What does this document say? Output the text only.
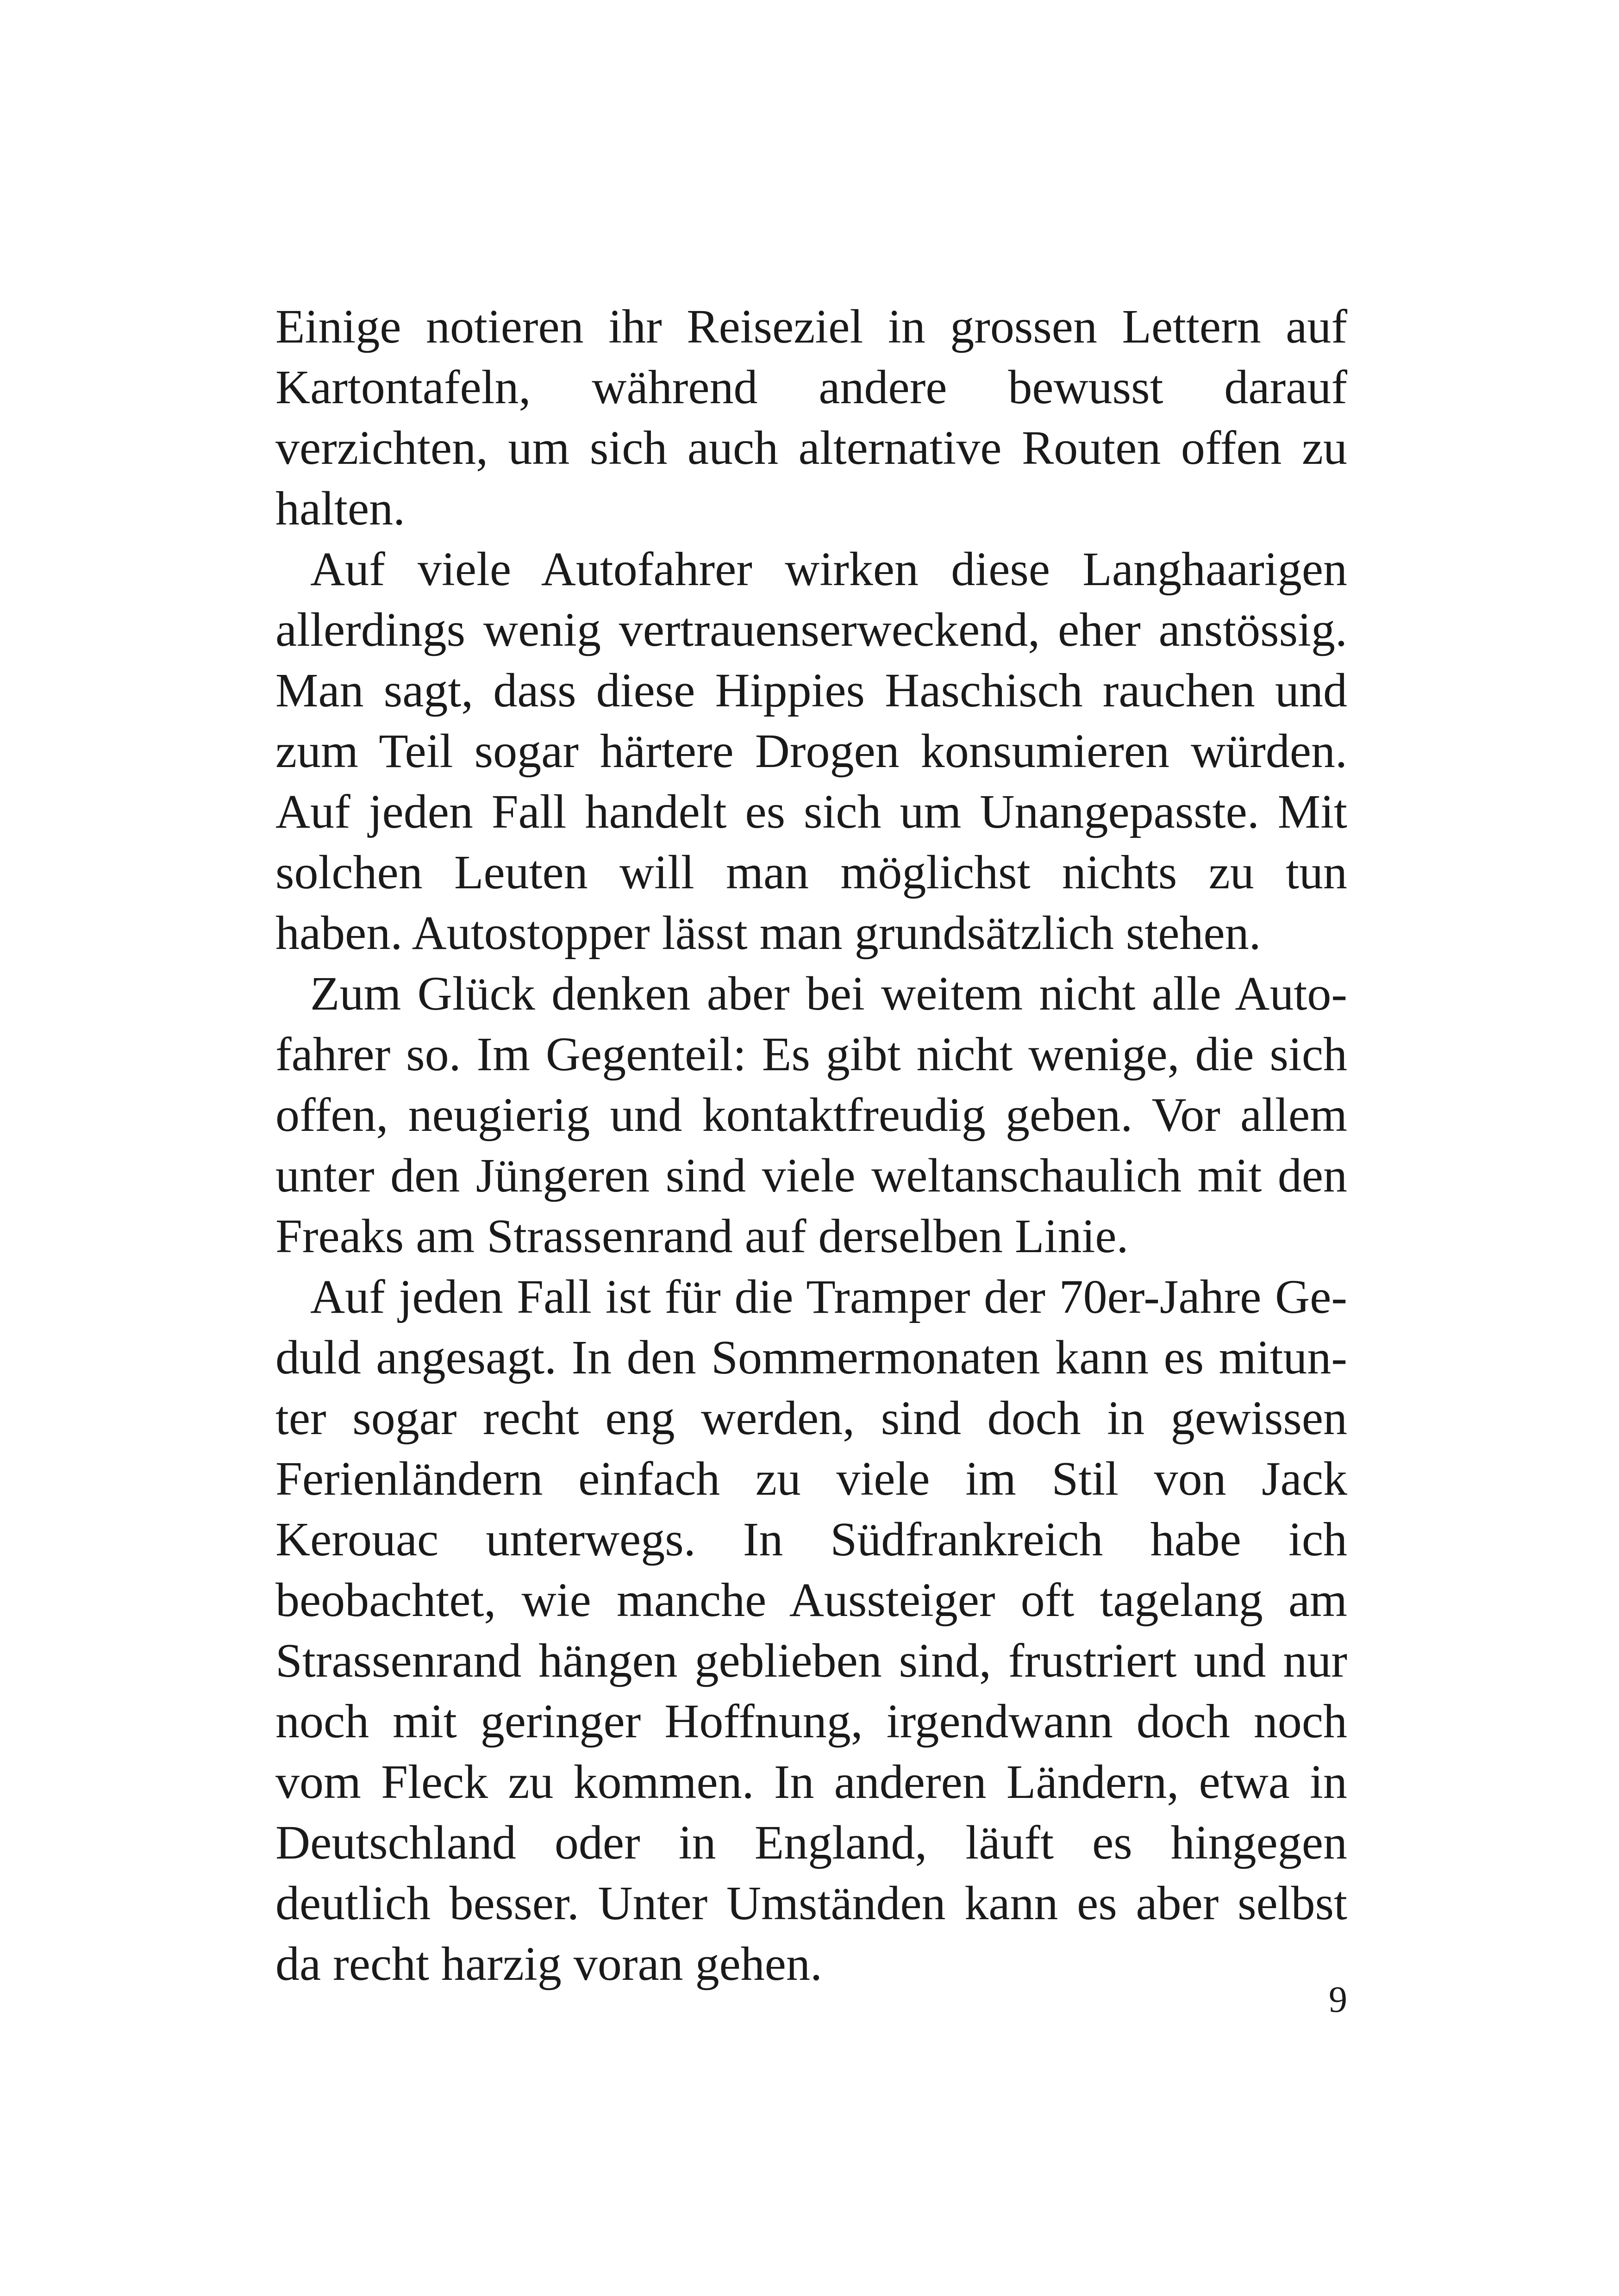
Einige notieren ihr Reiseziel in grossen Lettern auf Kartontafeln, während andere bewusst darauf verzichten, um sich auch alternative Routen offen zu halten.

Auf viele Autofahrer wirken diese Langhaarigen allerdings wenig vertrauenserweckend, eher anstössig. Man sagt, dass diese Hippies Haschisch rauchen und zum Teil sogar härtere Drogen konsumieren würden. Auf jeden Fall handelt es sich um Unangepasste. Mit solchen Leuten will man möglichst nichts zu tun haben. Autostopper lässt man grundsätzlich stehen.

Zum Glück denken aber bei weitem nicht alle Autofahrer so. Im Gegenteil: Es gibt nicht wenige, die sich offen, neugierig und kontaktfreudig geben. Vor allem unter den Jüngeren sind viele weltanschaulich mit den Freaks am Strassenrand auf derselben Linie.

Auf jeden Fall ist für die Tramper der 70er-Jahre Geduld angesagt. In den Sommermonaten kann es mitunter sogar recht eng werden, sind doch in gewissen Ferienländern einfach zu viele im Stil von Jack Kerouac unterwegs. In Südfrankreich habe ich beobachtet, wie manche Aussteiger oft tagelang am Strassenrand hängen geblieben sind, frustriert und nur noch mit geringer Hoffnung, irgendwann doch noch vom Fleck zu kommen. In anderen Ländern, etwa in Deutschland oder in England, läuft es hingegen deutlich besser. Unter Umständen kann es aber selbst da recht harzig voran gehen.

9
